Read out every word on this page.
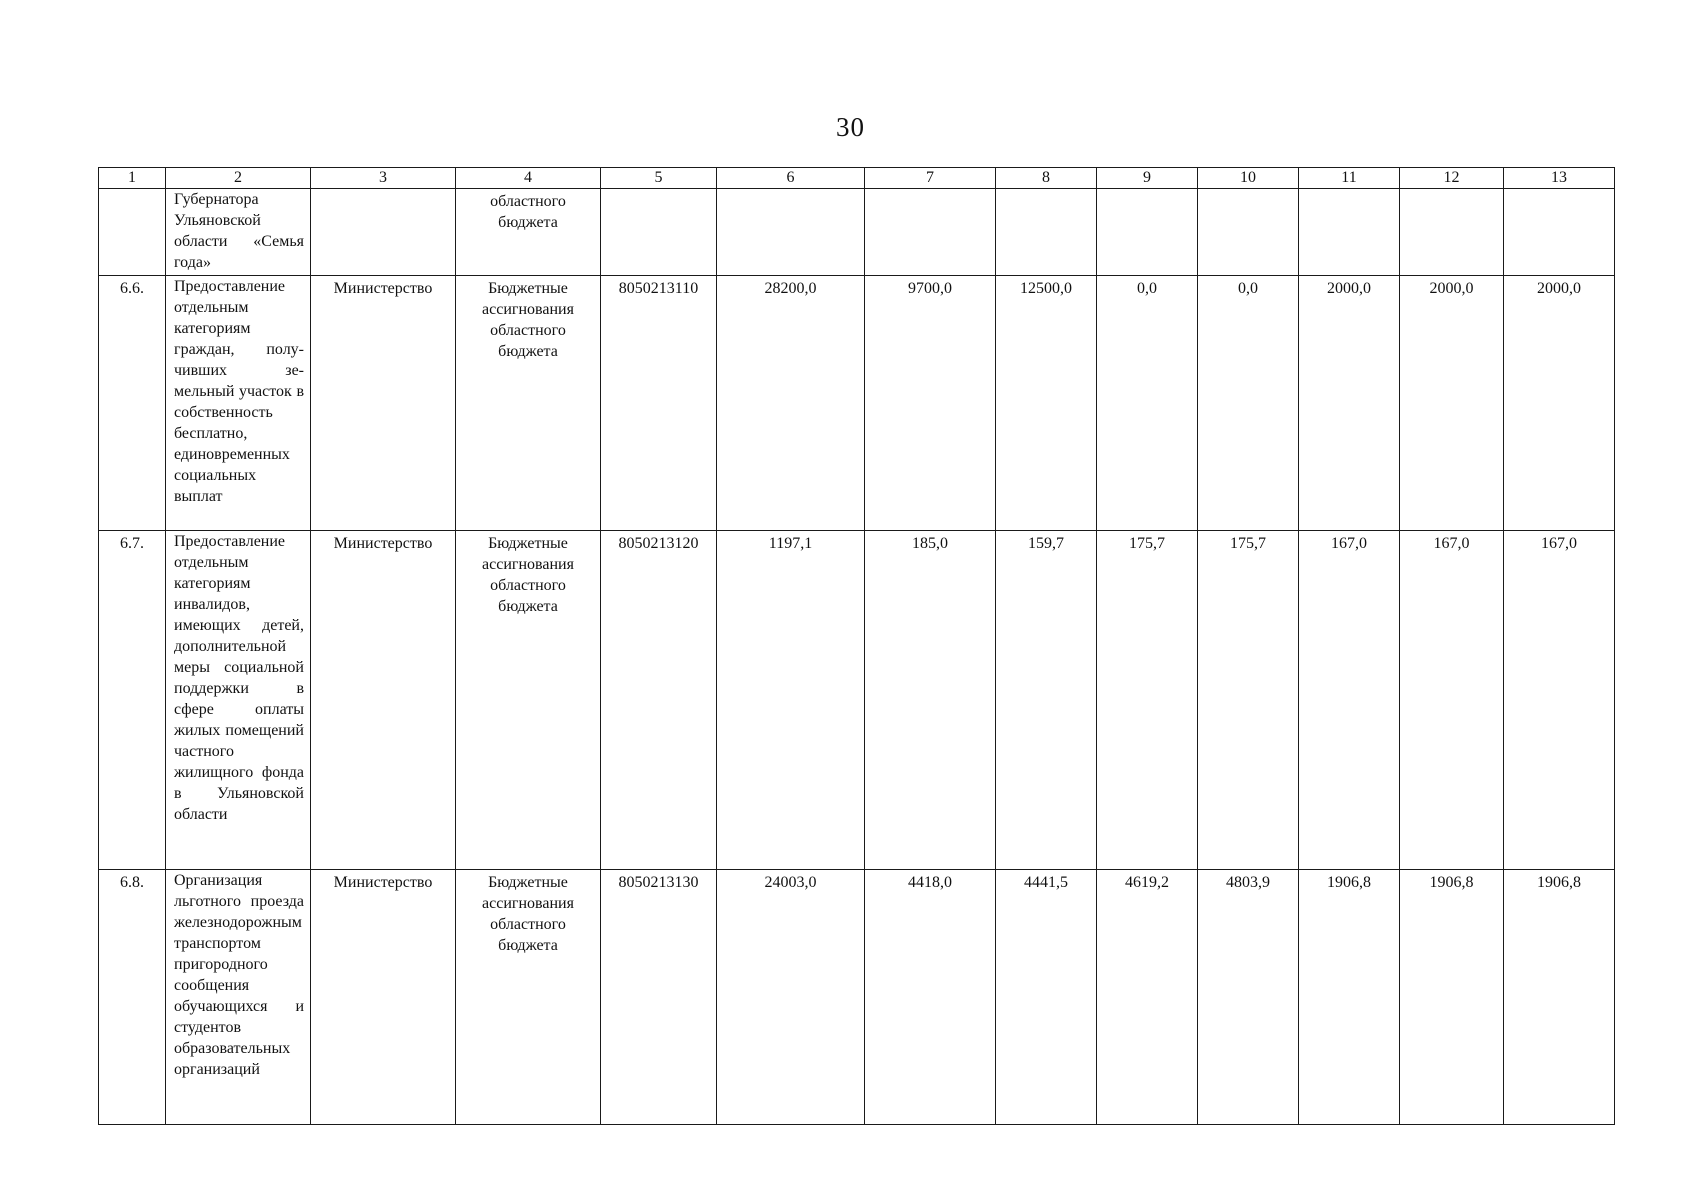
30
1	2	3	4	5	6	7	8	9	10	11	12	13
	Губернатора Ульяновской области «Семья года»		областного бюджета									
6.6.	Предоставление отдельным категориям граждан, получивших земельный участок в собственность бесплатно, единовременных социальных выплат	Министерство	Бюджетные ассигнования областного бюджета	8050213110	28200,0	9700,0	12500,0	0,0	0,0	2000,0	2000,0	2000,0
6.7.	Предоставление отдельным категориям инвалидов, имеющих детей, дополнительной меры социальной поддержки в сфере оплаты жилых помещений частного жилищного фонда в Ульяновской области	Министерство	Бюджетные ассигнования областного бюджета	8050213120	1197,1	185,0	159,7	175,7	175,7	167,0	167,0	167,0
6.8.	Организация льготного проезда железнодорожным транспортом пригородного сообщения обучающихся и студентов образовательных организаций	Министерство	Бюджетные ассигнования областного бюджета	8050213130	24003,0	4418,0	4441,5	4619,2	4803,9	1906,8	1906,8	1906,8
